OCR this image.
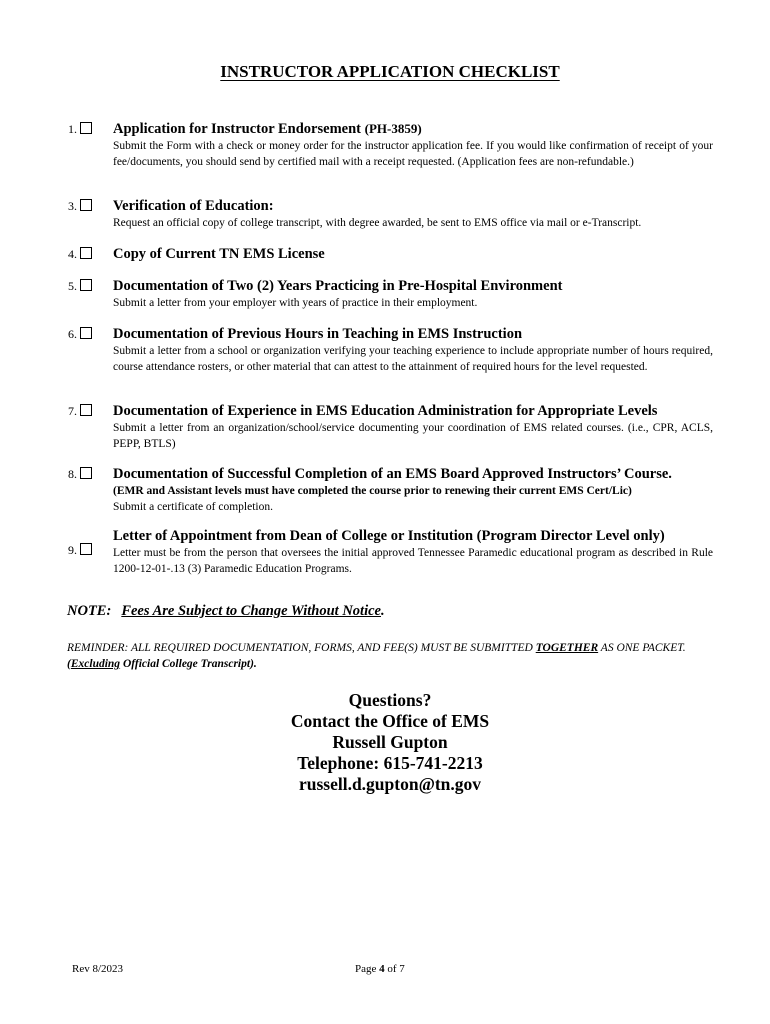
INSTRUCTOR APPLICATION CHECKLIST
1.	Application for Instructor Endorsement (PH-3859)
Submit the Form with a check or money order for the instructor application fee. If you would like confirmation of receipt of your fee/documents, you should send by certified mail with a receipt requested. (Application fees are non-refundable.)
3.	Verification of Education:
Request an official copy of college transcript, with degree awarded, be sent to EMS office via mail or e-Transcript.
4.	Copy of Current TN EMS License
5.	Documentation of Two (2) Years Practicing in Pre-Hospital Environment
Submit a letter from your employer with years of practice in their employment.
6.	Documentation of Previous Hours in Teaching in EMS Instruction
Submit a letter from a school or organization verifying your teaching experience to include appropriate number of hours required, course attendance rosters, or other material that can attest to the attainment of required hours for the level requested.
7.	Documentation of Experience in EMS Education Administration for Appropriate Levels
Submit a letter from an organization/school/service documenting your coordination of EMS related courses. (i.e., CPR, ACLS, PEPP, BTLS)
8.	Documentation of Successful Completion of an EMS Board Approved Instructors’ Course.
(EMR and Assistant levels must have completed the course prior to renewing their current EMS Cert/Lic)
Submit a certificate of completion.
9.
Letter of Appointment from Dean of College or Institution (Program Director Level only)
Letter must be from the person that oversees the initial approved Tennessee Paramedic educational program as described in Rule 1200-12-01-.13 (3) Paramedic Education Programs.
NOTE: Fees Are Subject to Change Without Notice.
REMINDER: ALL REQUIRED DOCUMENTATION, FORMS, AND FEE(S) MUST BE SUBMITTED TOGETHER AS ONE PACKET. (Excluding Official College Transcript).
Questions?
Contact the Office of EMS
Russell Gupton
Telephone: 615-741-2213
russell.d.gupton@tn.gov
Rev 8/2023	Page 4 of 7
